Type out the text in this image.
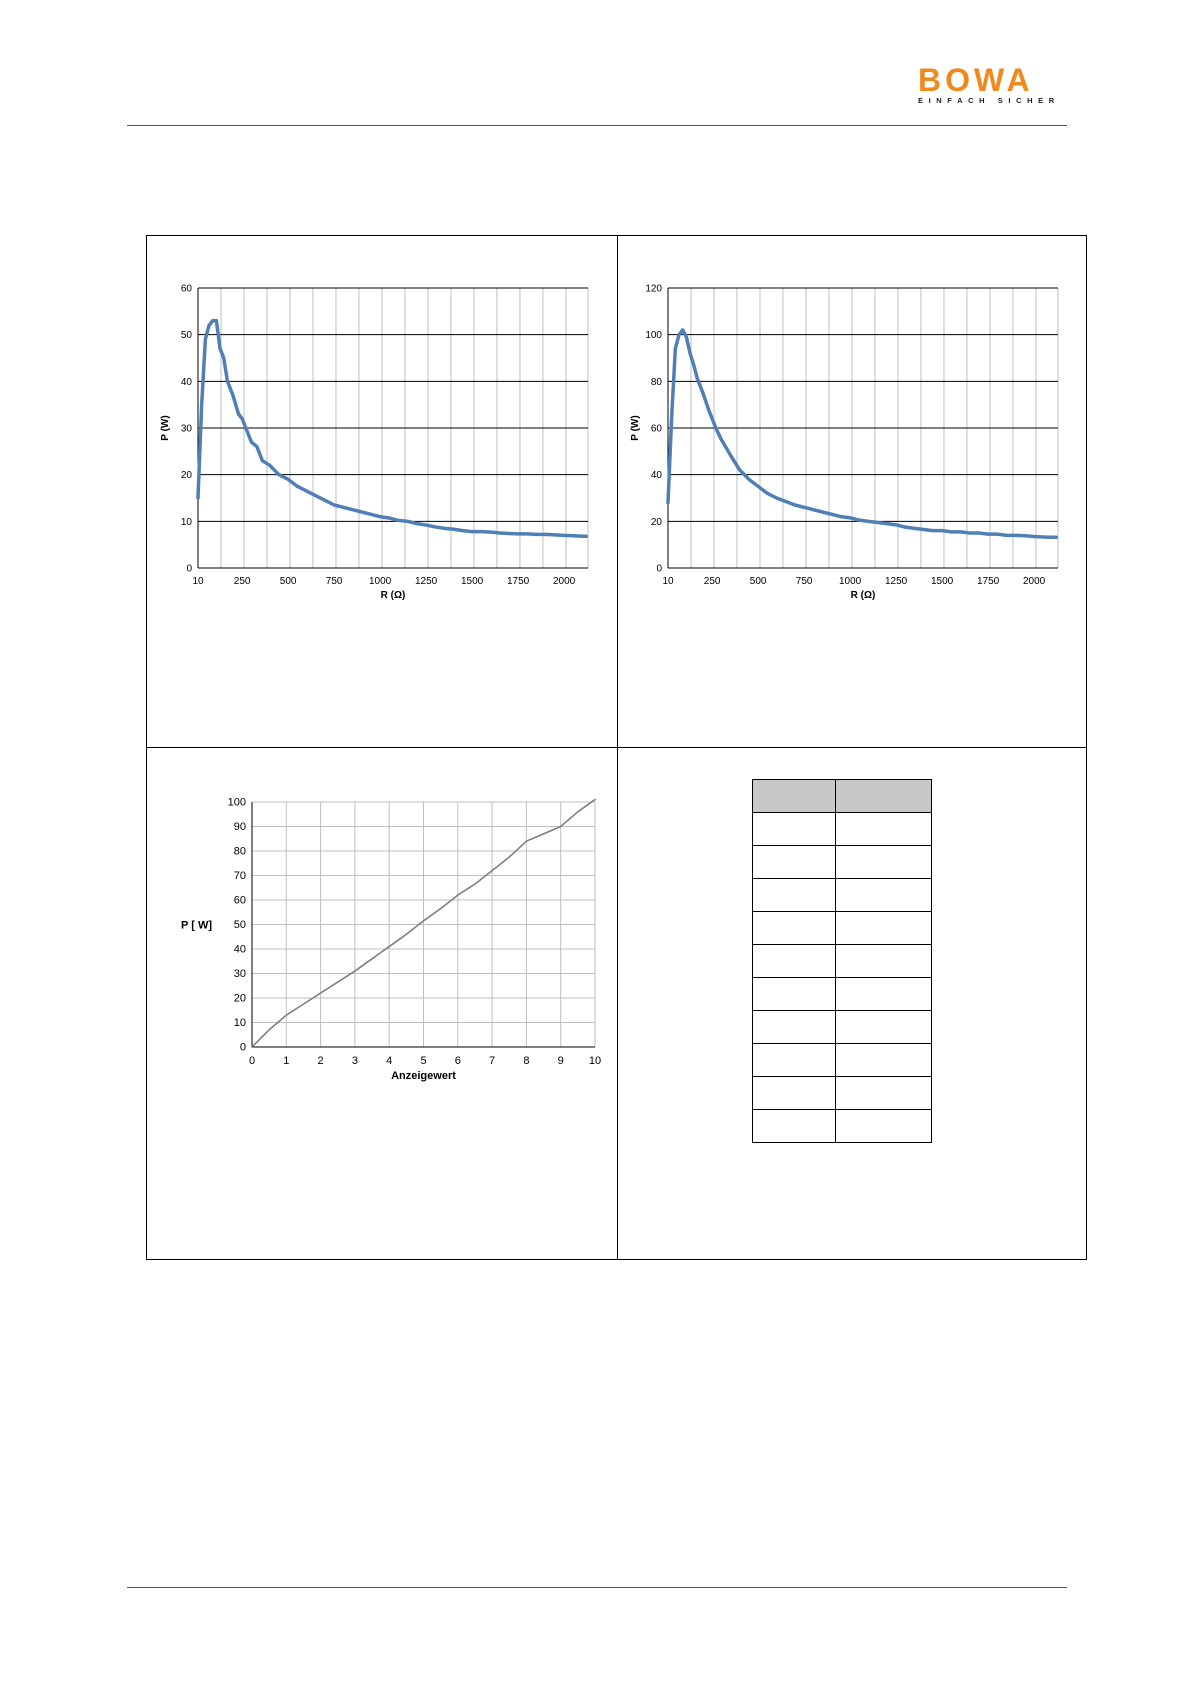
BOWA
EINFACH SICHER
0
10
20
30
40
50
60
10	250	500	750	1000 1250 1500 1750 2000
R (Ω)
P (W)
0
20
40
60
80
100
120
10	250	500	750	1000 1250 1500 1750 2000
R (Ω)
P (W)
0
10
20
30
40
50
60
70
80
90
100
0	1	2	3	4	5	6	7	8	9 10
Anzeigewert
P [ W]
